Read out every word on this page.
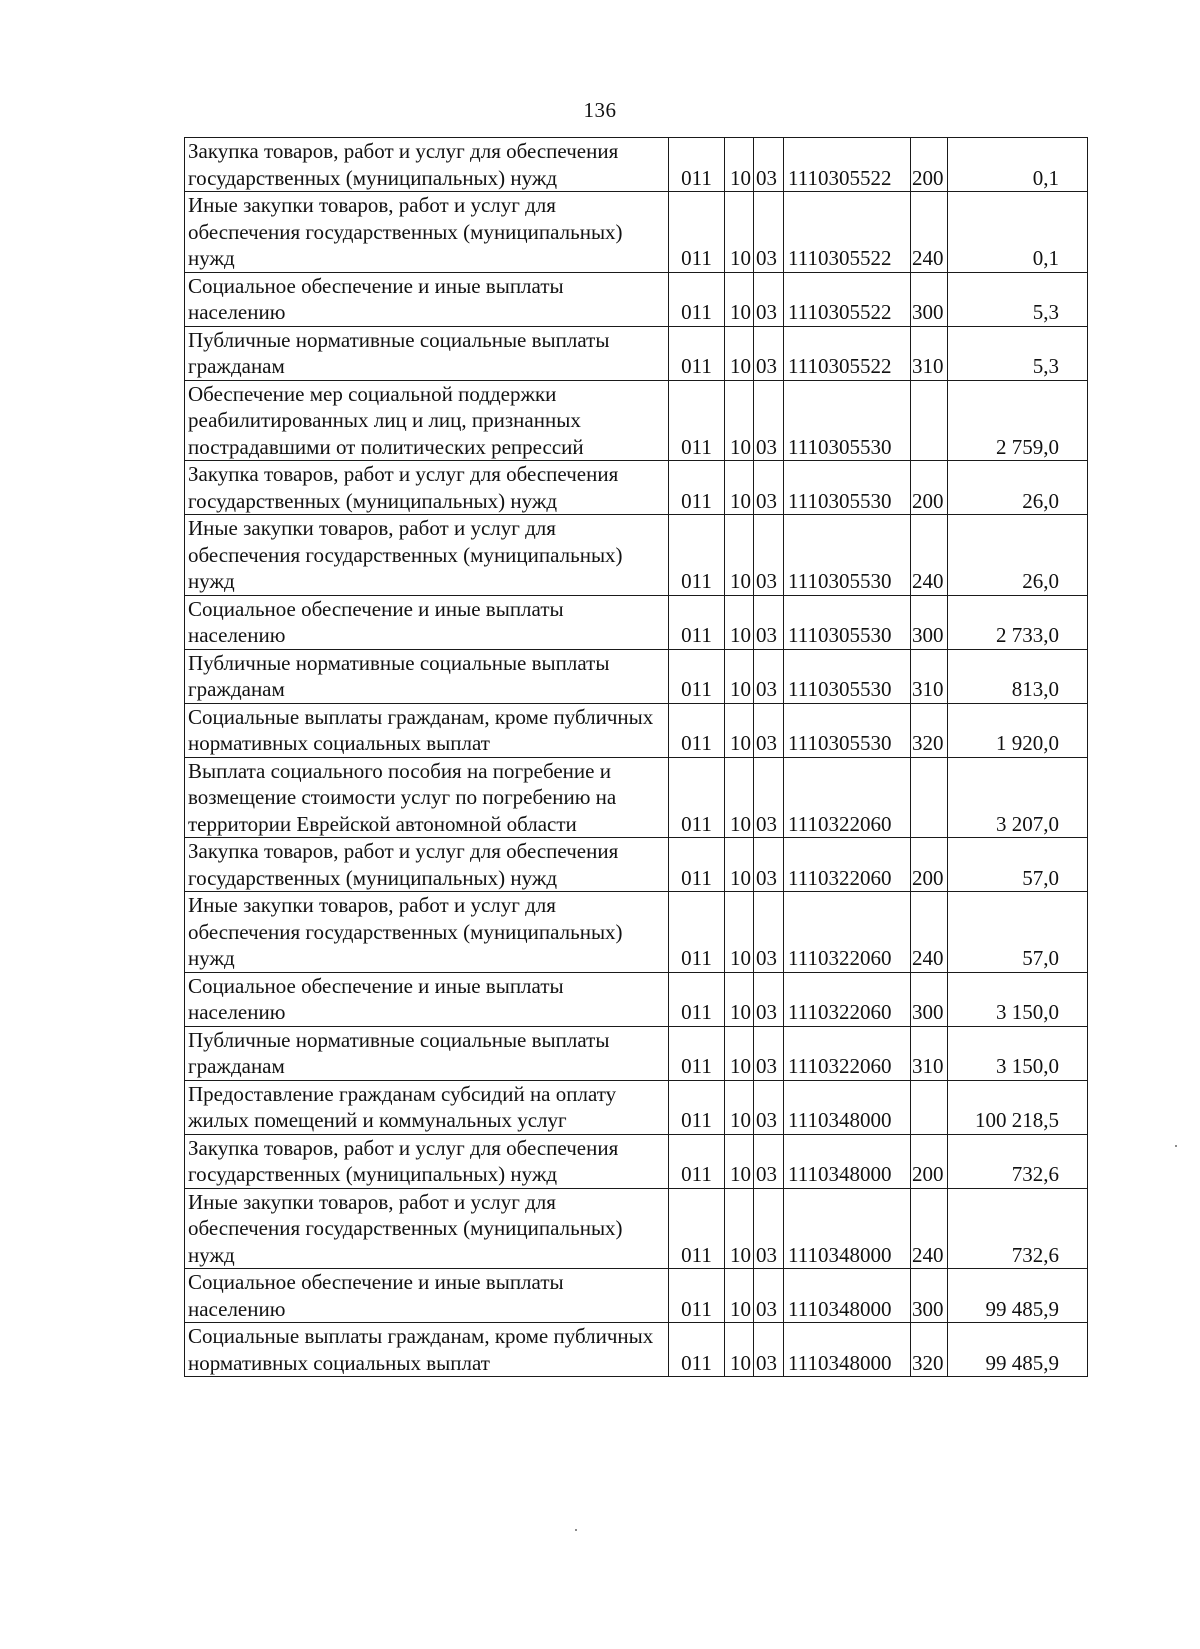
136
Закупка товаров, работ и услуг для обеспечения государственных (муниципальных) нужд	011	10	03	1110305522	200	0,1
Иные закупки товаров, работ и услуг для обеспечения государственных (муниципальных) нужд	011	10	03	1110305522	240	0,1
Социальное обеспечение и иные выплаты населению	011	10	03	1110305522	300	5,3
Публичные нормативные социальные выплаты гражданам	011	10	03	1110305522	310	5,3
Обеспечение мер социальной поддержки реабилитированных лиц и лиц, признанных пострадавшими от политических репрессий	011	10	03	1110305530		2 759,0
Закупка товаров, работ и услуг для обеспечения государственных (муниципальных) нужд	011	10	03	1110305530	200	26,0
Иные закупки товаров, работ и услуг для обеспечения государственных (муниципальных) нужд	011	10	03	1110305530	240	26,0
Социальное обеспечение и иные выплаты населению	011	10	03	1110305530	300	2 733,0
Публичные нормативные социальные выплаты гражданам	011	10	03	1110305530	310	813,0
Социальные выплаты гражданам, кроме публичных нормативных социальных выплат	011	10	03	1110305530	320	1 920,0
Выплата социального пособия на погребение и возмещение стоимости услуг по погребению на территории Еврейской автономной области	011	10	03	1110322060		3 207,0
Закупка товаров, работ и услуг для обеспечения государственных (муниципальных) нужд	011	10	03	1110322060	200	57,0
Иные закупки товаров, работ и услуг для обеспечения государственных (муниципальных) нужд	011	10	03	1110322060	240	57,0
Социальное обеспечение и иные выплаты населению	011	10	03	1110322060	300	3 150,0
Публичные нормативные социальные выплаты гражданам	011	10	03	1110322060	310	3 150,0
Предоставление гражданам субсидий на оплату жилых помещений и коммунальных услуг	011	10	03	1110348000		100 218,5
Закупка товаров, работ и услуг для обеспечения государственных (муниципальных) нужд	011	10	03	1110348000	200	732,6
Иные закупки товаров, работ и услуг для обеспечения государственных (муниципальных) нужд	011	10	03	1110348000	240	732,6
Социальное обеспечение и иные выплаты населению	011	10	03	1110348000	300	99 485,9
Социальные выплаты гражданам, кроме публичных нормативных социальных выплат	011	10	03	1110348000	320	99 485,9
